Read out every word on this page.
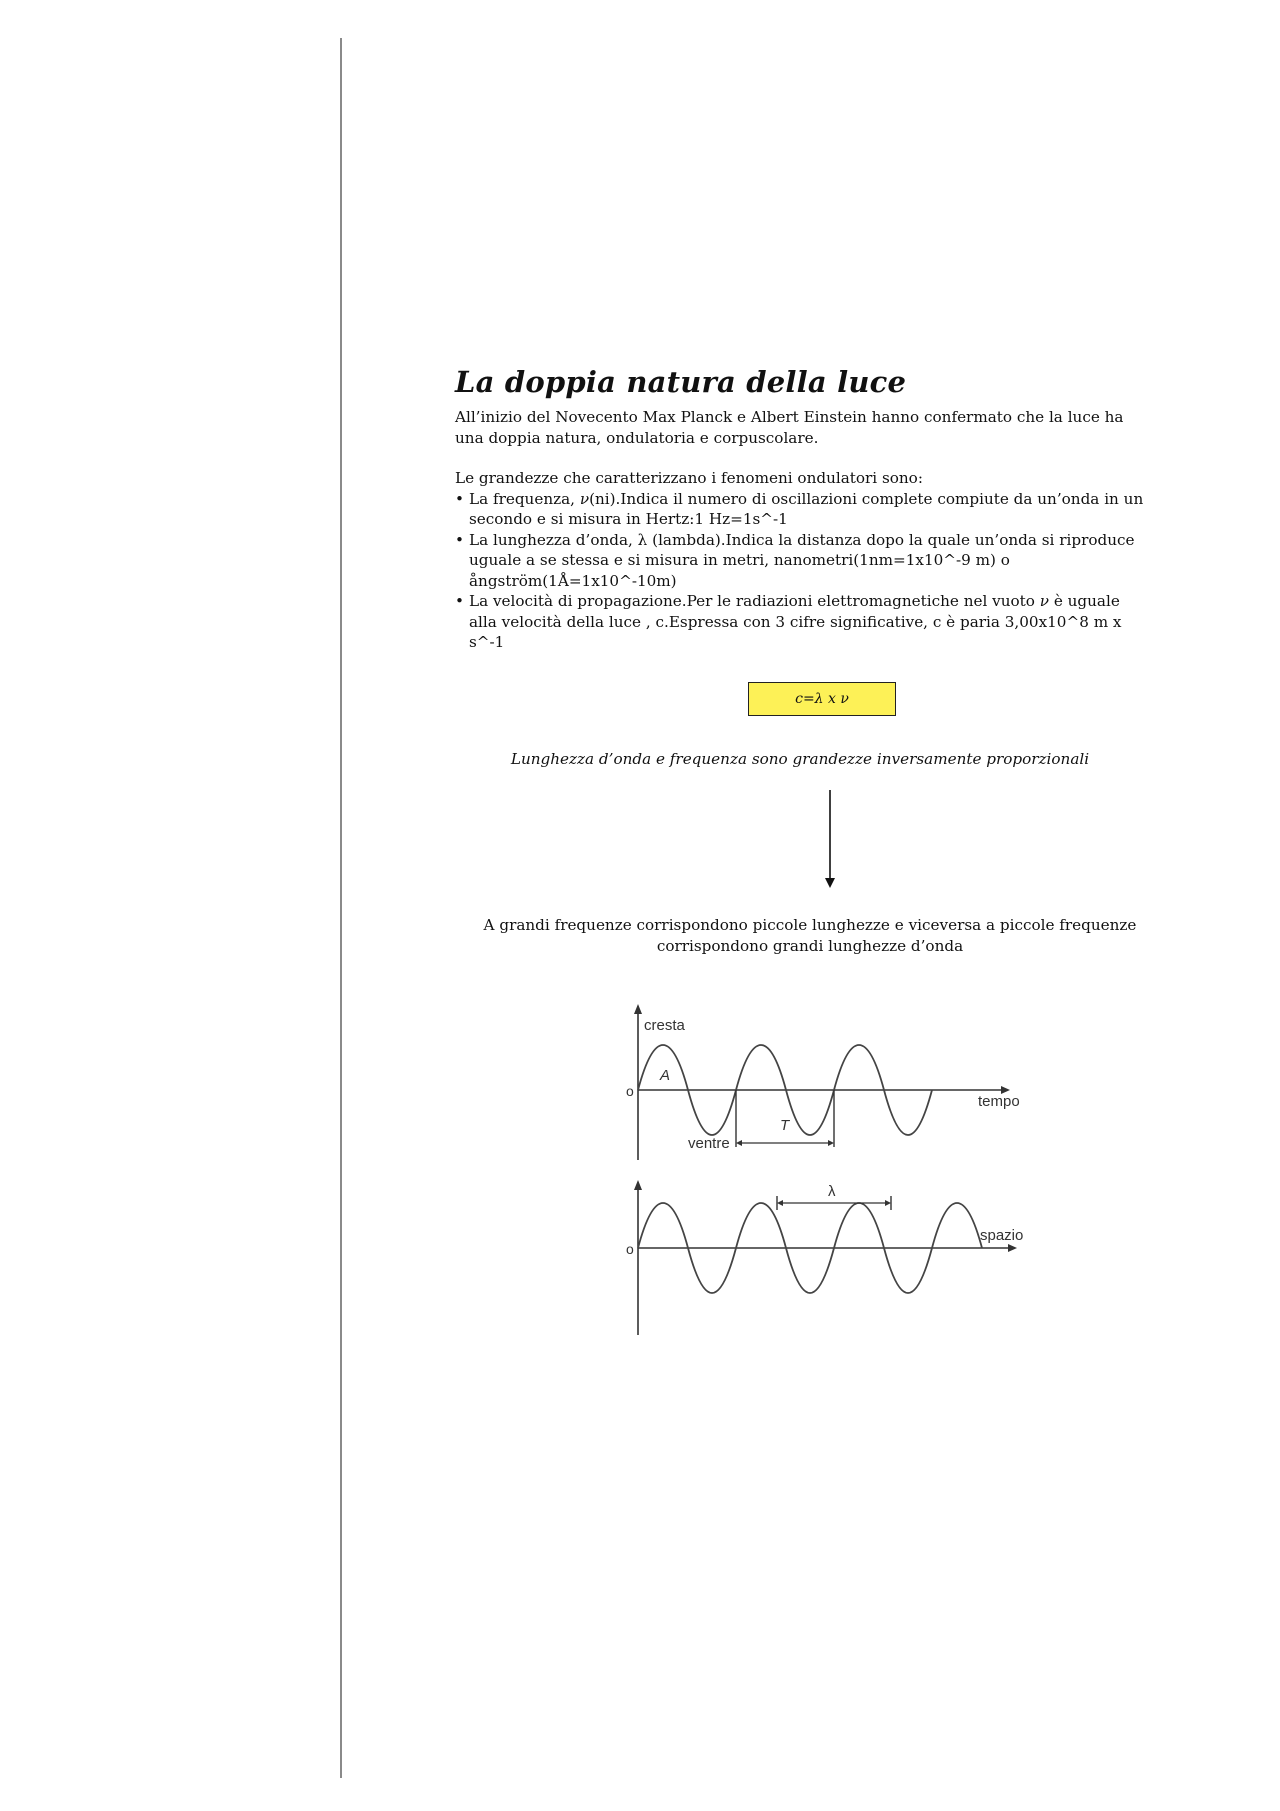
La doppia natura della luce

All’inizio del Novecento Max Planck e Albert Einstein hanno confermato che la luce ha una doppia natura, ondulatoria e corpuscolare.

Le grandezze che caratterizzano i fenomeni ondulatori sono:

• La frequenza, ν(ni).Indica il numero di oscillazioni complete compiute da un’onda in un secondo e si misura in Hertz:1 Hz=1s^-1
• La lunghezza d’onda, λ (lambda).Indica la distanza dopo la quale un’onda si riproduce uguale a se stessa e si misura in metri, nanometri(1nm=1x10^-9 m) o ångström(1Å=1x10^-10m)
• La velocità di propagazione.Per le radiazioni elettromagnetiche nel vuoto ν è uguale alla velocità della luce , c.Espressa con 3 cifre significative, c è paria 3,00x10^8 m x s^-1
c=λ x ν
Lunghezza d’onda e frequenza sono grandezze inversamente proporzionali
A grandi frequenze corrispondono piccole lunghezze e viceversa a piccole frequenze corrispondono grandi lunghezze d’onda
cresta
A
o
tempo
ventre
T
λ
o
spazio
